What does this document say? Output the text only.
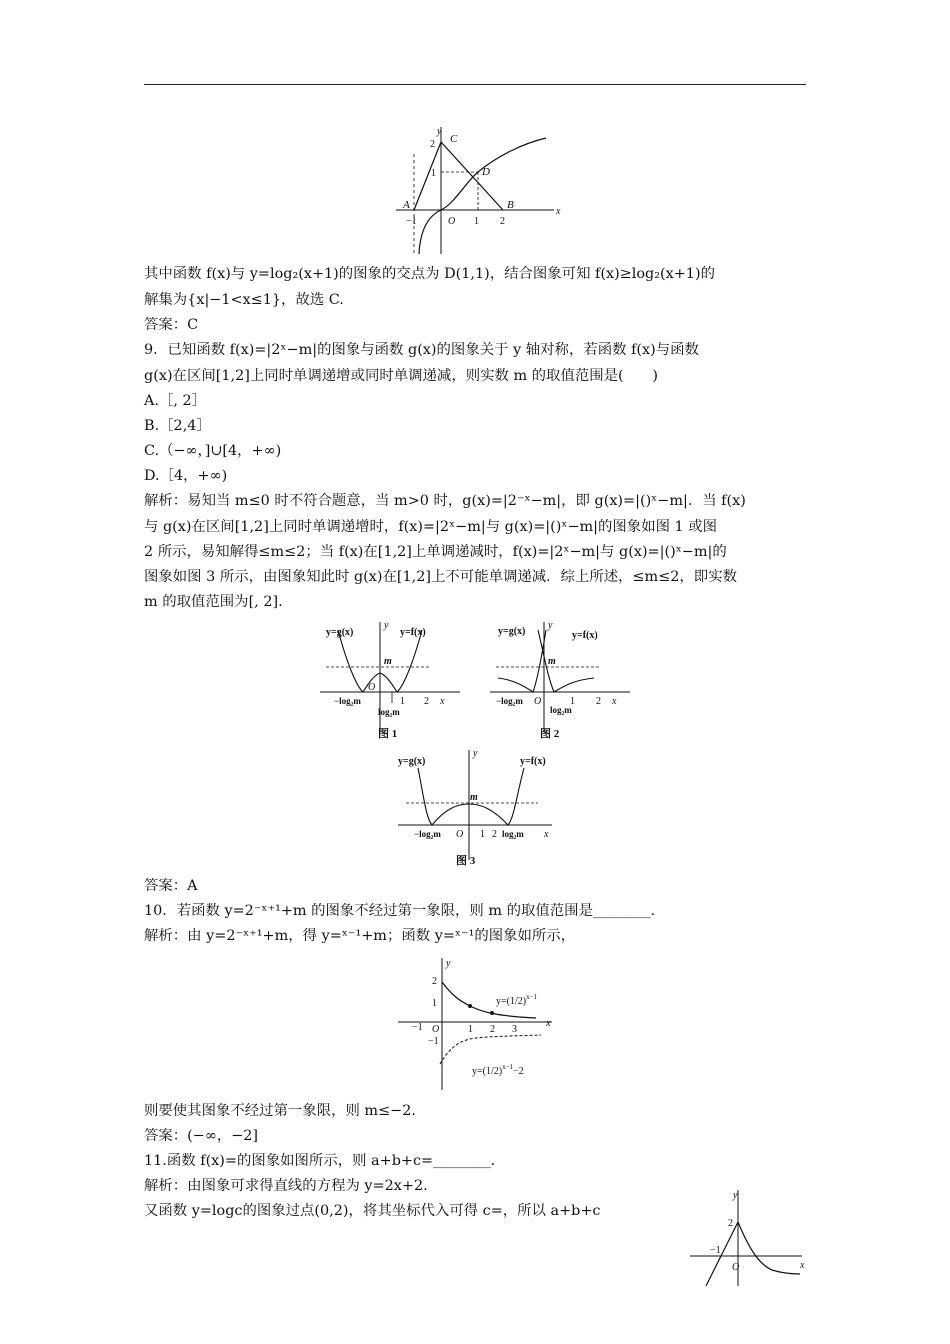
y
x
C
D
A	B
2
1
−1	O 1 2
其中函数 f(x)与 y=log₂(x+1)的图象的交点为 D(1,1)，结合图象可知 f(x)≥log₂(x+1)的
解集为{x|−1<x≤1}，故选 C.
答案：C
9．已知函数 f(x)=|2ˣ−m|的图象与函数 g(x)的图象关于 y 轴对称，若函数 f(x)与函数
g(x)在区间[1,2]上同时单调递增或同时单调递减，则实数 m 的取值范围是(　　)
A.［, 2］
B.［2,4］
C.（−∞，]∪[4，+∞)
D.［4，+∞)
解析：易知当 m≤0 时不符合题意，当 m>0 时，g(x)=|2⁻ˣ−m|，即 g(x)=|()ˣ−m|．当 f(x)
与 g(x)在区间[1,2]上同时单调递增时，f(x)=|2ˣ−m|与 g(x)=|()ˣ−m|的图象如图 1 或图
2 所示，易知解得≤m≤2；当 f(x)在[1,2]上单调递减时，f(x)=|2ˣ−m|与 g(x)=|()ˣ−m|的
图象如图 3 所示，由图象知此时 g(x)在[1,2]上不可能单调递减．综上所述，≤m≤2，即实数
m 的取值范围为[, 2].
y=g(x)	y=f(x)
y
m
O
−log₂m	1 2 x
log₂m
图 1
y=g(x)	y=f(x)
y
m
O
−log₂m
log₂m
1 2 x
图 2
y=g(x)	y=f(x)
y
m
O
−log₂m	1 2 log₂m x
图 3
答案：A
10．若函数 y=2⁻ˣ⁺¹+m 的图象不经过第一象限，则 m 的取值范围是________.
解析：由 y=2⁻ˣ⁺¹+m，得 y=ˣ⁻¹+m；函数 y=ˣ⁻¹的图象如所示，
y
2
1
−1
−1 O	1 2 3
x
$y=(1/2)^{x-1}$
$y=(1/2)^{x-1}-2$
则要使其图象不经过第一象限，则 m≤−2.
答案：(−∞，−2]
11.函数 f(x)=的图象如图所示，则 a+b+c=________.
解析：由图象可求得直线的方程为 y=2x+2.
又函数 y=logc的图象过点(0,2)，将其坐标代入可得 c=，所以 a+b+c
y
2
−1
O	x
